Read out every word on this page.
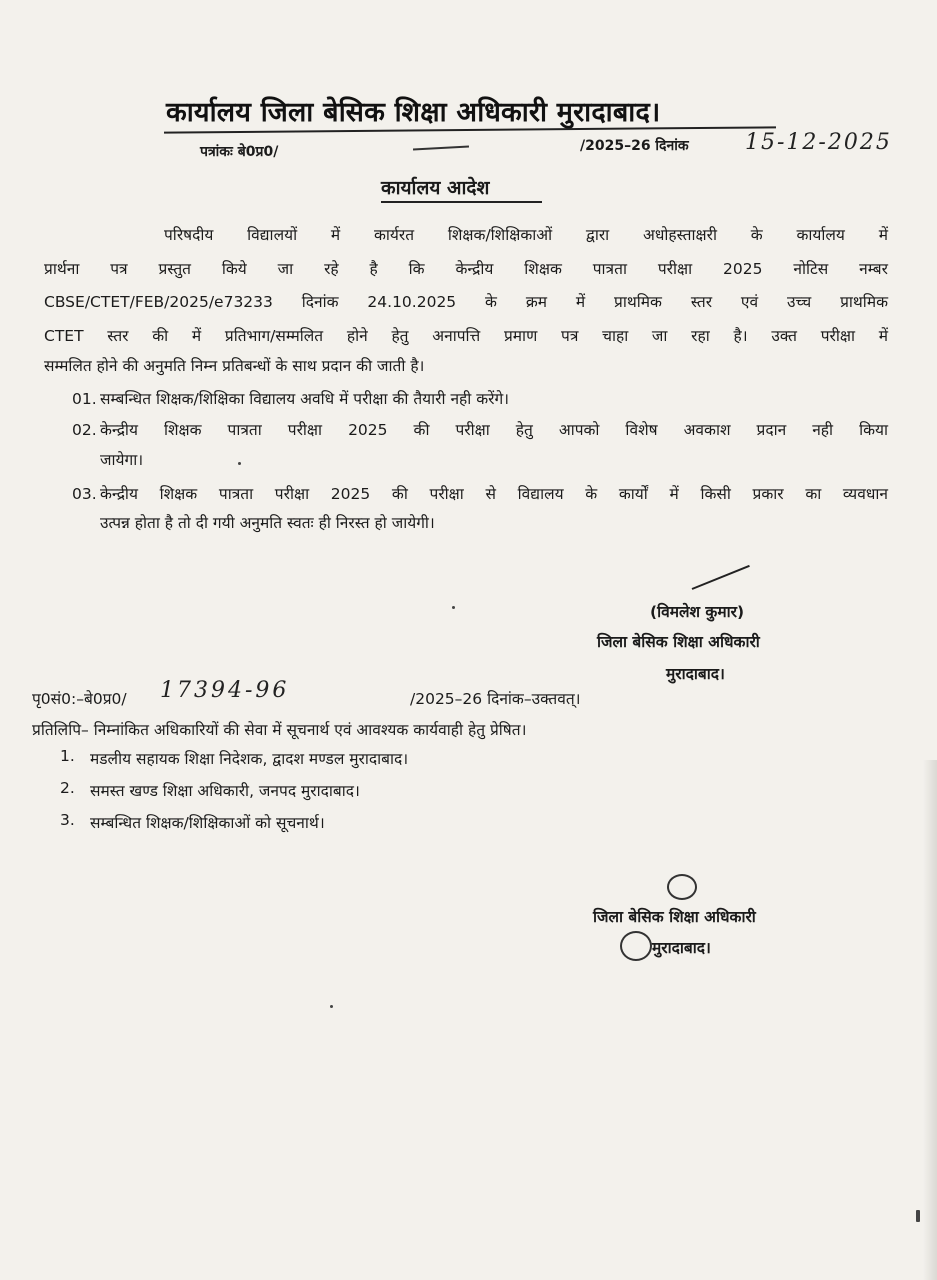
कार्यालय जिला बेसिक शिक्षा अधिकारी मुरादाबाद।
पत्रांकः बे0प्र0/	/2025–26 दिनांक	15-12-2025
कार्यालय आदेश
परिषदीय विद्यालयों में कार्यरत शिक्षक/शिक्षिकाओं द्वारा अधोहस्ताक्षरी के कार्यालय में
प्रार्थना पत्र प्रस्तुत किये जा रहे है कि केन्द्रीय शिक्षक पात्रता परीक्षा 2025 नोटिस नम्बर
CBSE/CTET/FEB/2025/e73233 दिनांक 24.10.2025 के क्रम में प्राथमिक स्तर एवं उच्च प्राथमिक
CTET स्तर की में प्रतिभाग/सम्मलित होने हेतु अनापत्ति प्रमाण पत्र चाहा जा रहा है। उक्त परीक्षा में
सम्मलित होने की अनुमति निम्न प्रतिबन्धों के साथ प्रदान की जाती है।
01. सम्बन्धित शिक्षक/शिक्षिका विद्यालय अवधि में परीक्षा की तैयारी नही करेंगे।
02. केन्द्रीय शिक्षक पात्रता परीक्षा 2025 की परीक्षा हेतु आपको विशेष अवकाश प्रदान नही किया
जायेगा।
03. केन्द्रीय शिक्षक पात्रता परीक्षा 2025 की परीक्षा से विद्यालय के कार्यों में किसी प्रकार का व्यवधान
उत्पन्न होता है तो दी गयी अनुमति स्वतः ही निरस्त हो जायेगी।
(विमलेश कुमार)
जिला बेसिक शिक्षा अधिकारी
मुरादाबाद।
पृ0सं0:–बे0प्र0/ 17394-96	/2025–26 दिनांक–उक्तवत्।
प्रतिलिपि– निम्नांकित अधिकारियों की सेवा में सूचनार्थ एवं आवश्यक कार्यवाही हेतु प्रेषित।
1. मडलीय सहायक शिक्षा निदेशक, द्वादश मण्डल मुरादाबाद।
2. समस्त खण्ड शिक्षा अधिकारी, जनपद मुरादाबाद।
3. सम्बन्धित शिक्षक/शिक्षिकाओं को सूचनार्थ।
जिला बेसिक शिक्षा अधिकारी
मुरादाबाद।
